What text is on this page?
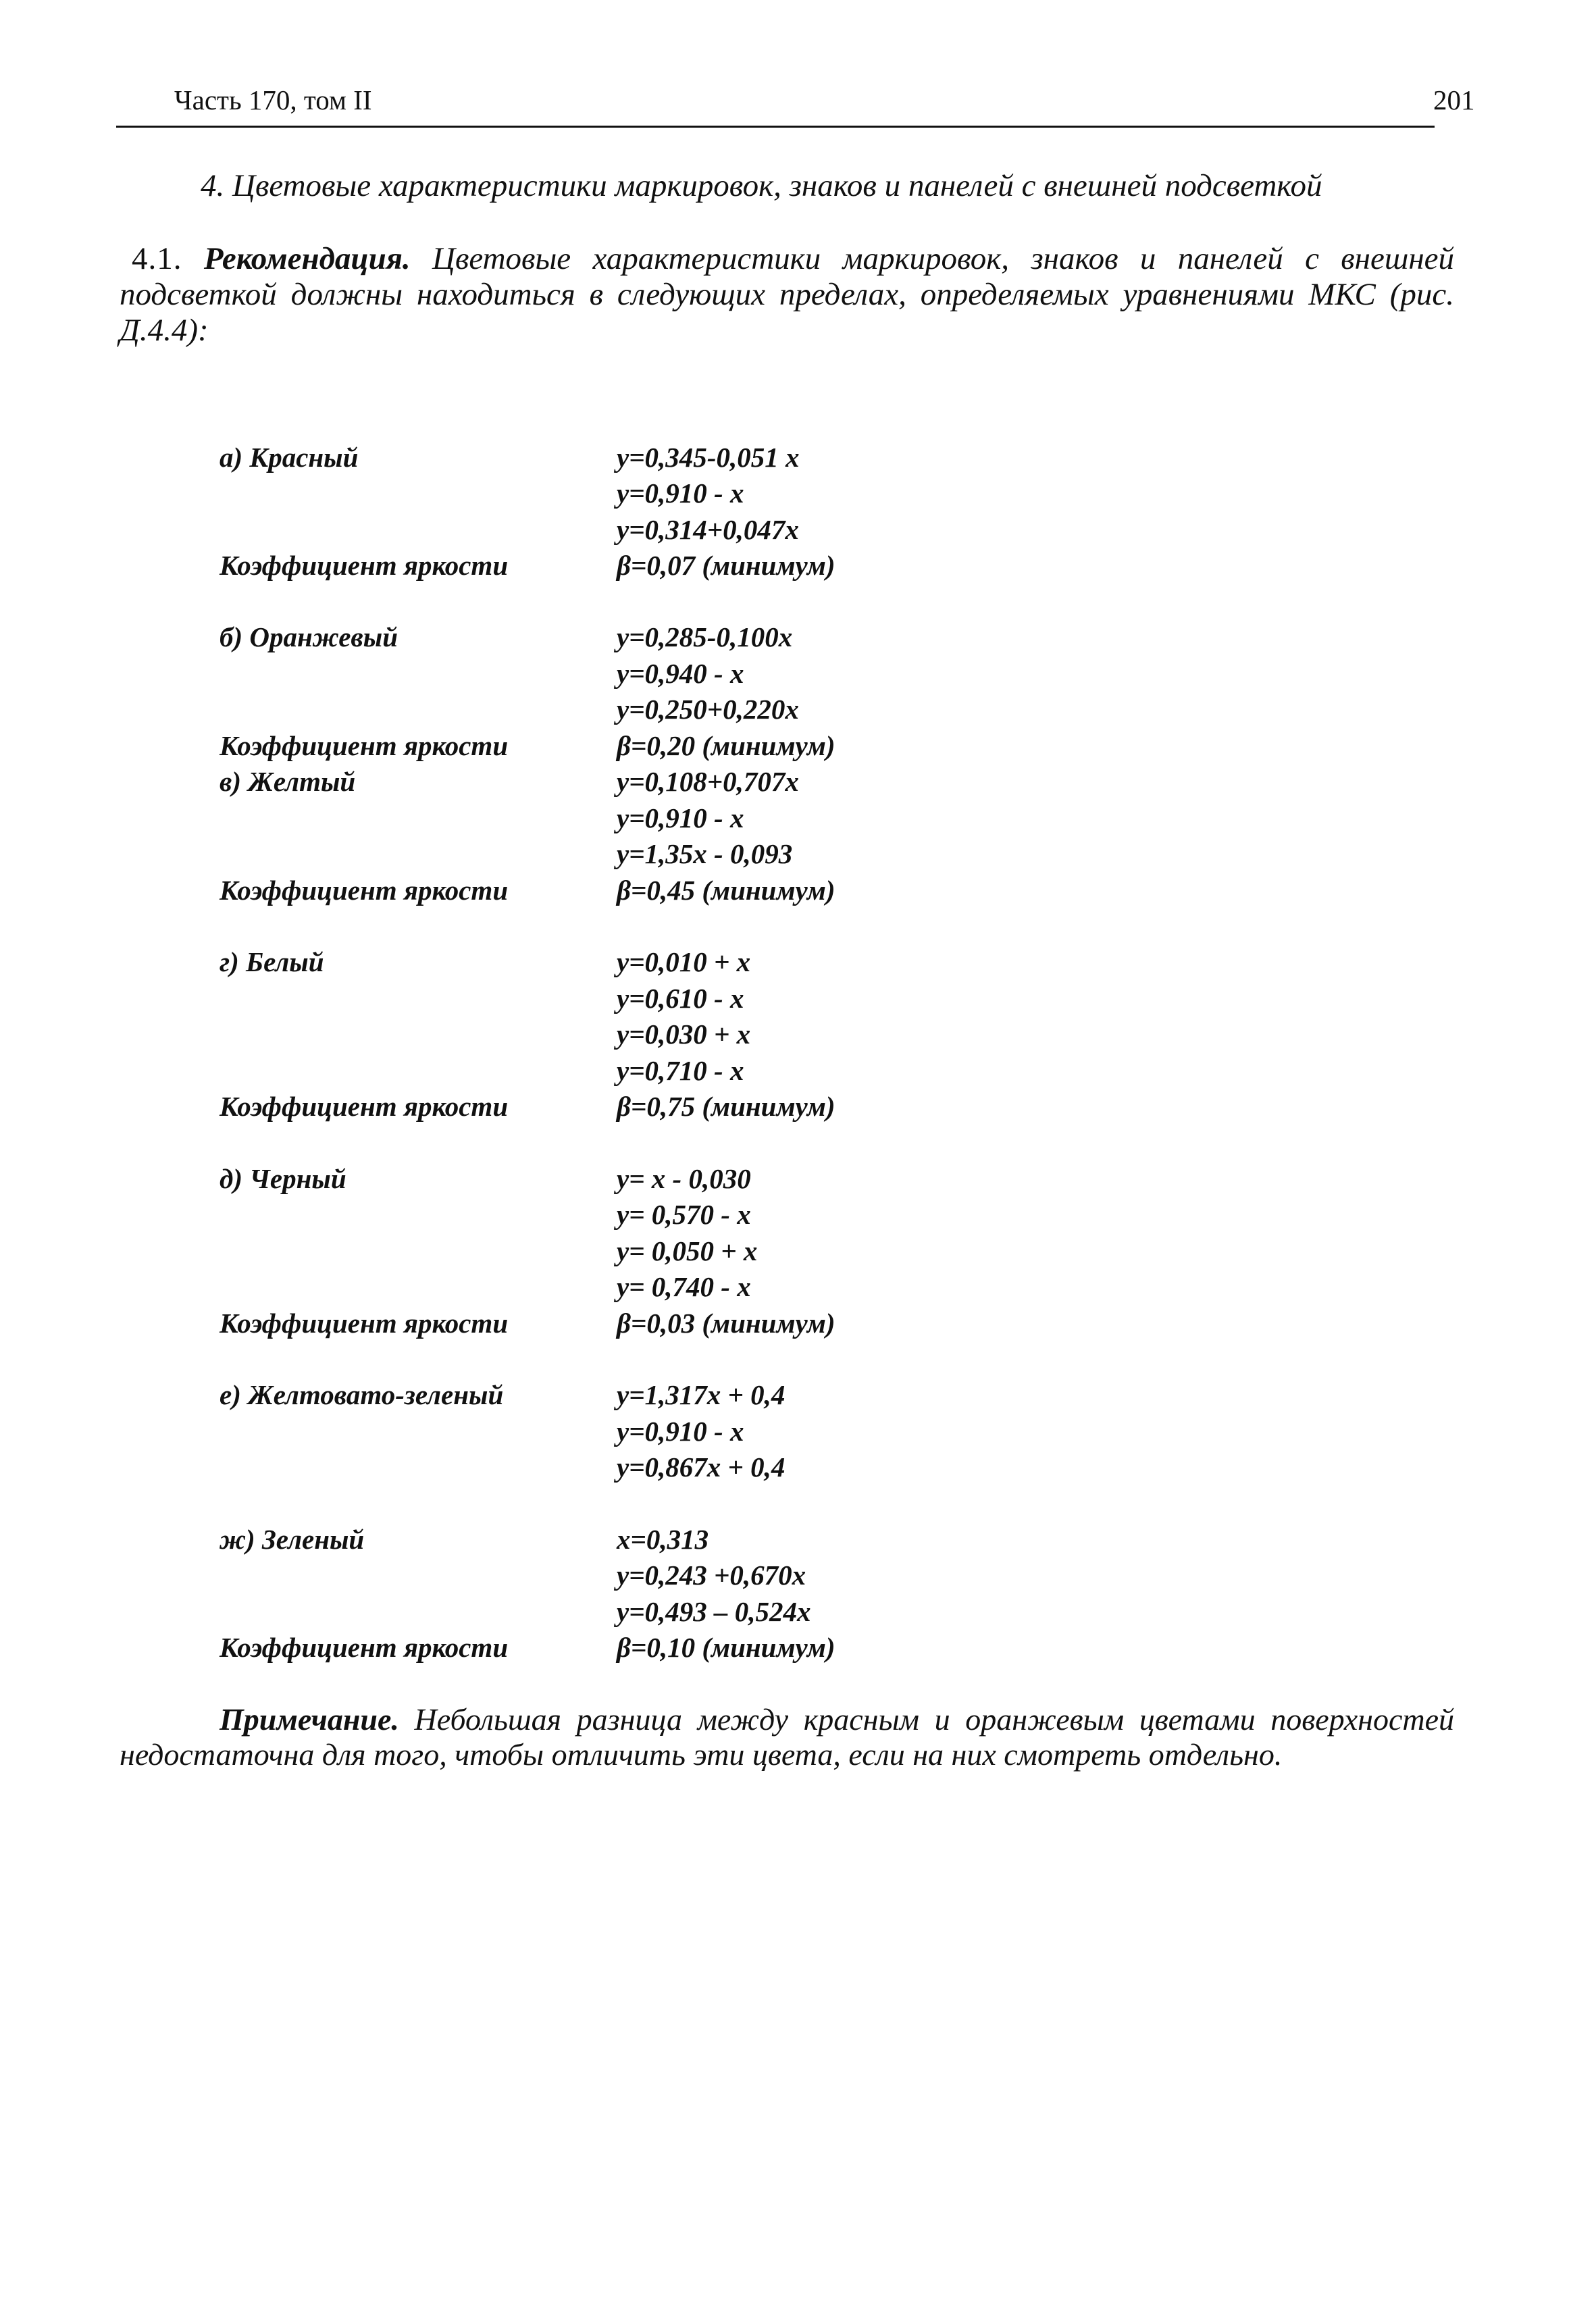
Часть 170, том II	201
4. Цветовые характеристики маркировок, знаков и панелей с внешней подсветкой
4.1. Рекомендация. Цветовые характеристики маркировок, знаков и панелей с внешней подсветкой должны находиться в следующих пределах, определяемых уравнениями МКС (рис. Д.4.4):
а) Красный	y=0,345-0,051 x
y=0,910 - x
y=0,314+0,047x
Коэффициент яркости	β=0,07 (минимум)
б) Оранжевый	y=0,285-0,100x
y=0,940 - x
y=0,250+0,220x
Коэффициент яркости	β=0,20 (минимум)
в) Желтый	y=0,108+0,707x
y=0,910 - x
y=1,35x - 0,093
Коэффициент яркости	β=0,45 (минимум)
г) Белый	y=0,010 + x
y=0,610 - x
y=0,030 + x
y=0,710 - x
Коэффициент яркости	β=0,75 (минимум)
д) Черный	y= x - 0,030
y= 0,570 - x
y= 0,050 + x
y= 0,740 - x
Коэффициент яркости	β=0,03 (минимум)
е) Желтовато-зеленый	y=1,317x + 0,4
y=0,910 - x
y=0,867x + 0,4
ж) Зеленый	x=0,313
y=0,243 +0,670x
y=0,493 – 0,524x
Коэффициент яркости	β=0,10 (минимум)
Примечание. Небольшая разница между красным и оранжевым цветами поверхностей недостаточна для того, чтобы отличить эти цвета, если на них смотреть отдельно.
